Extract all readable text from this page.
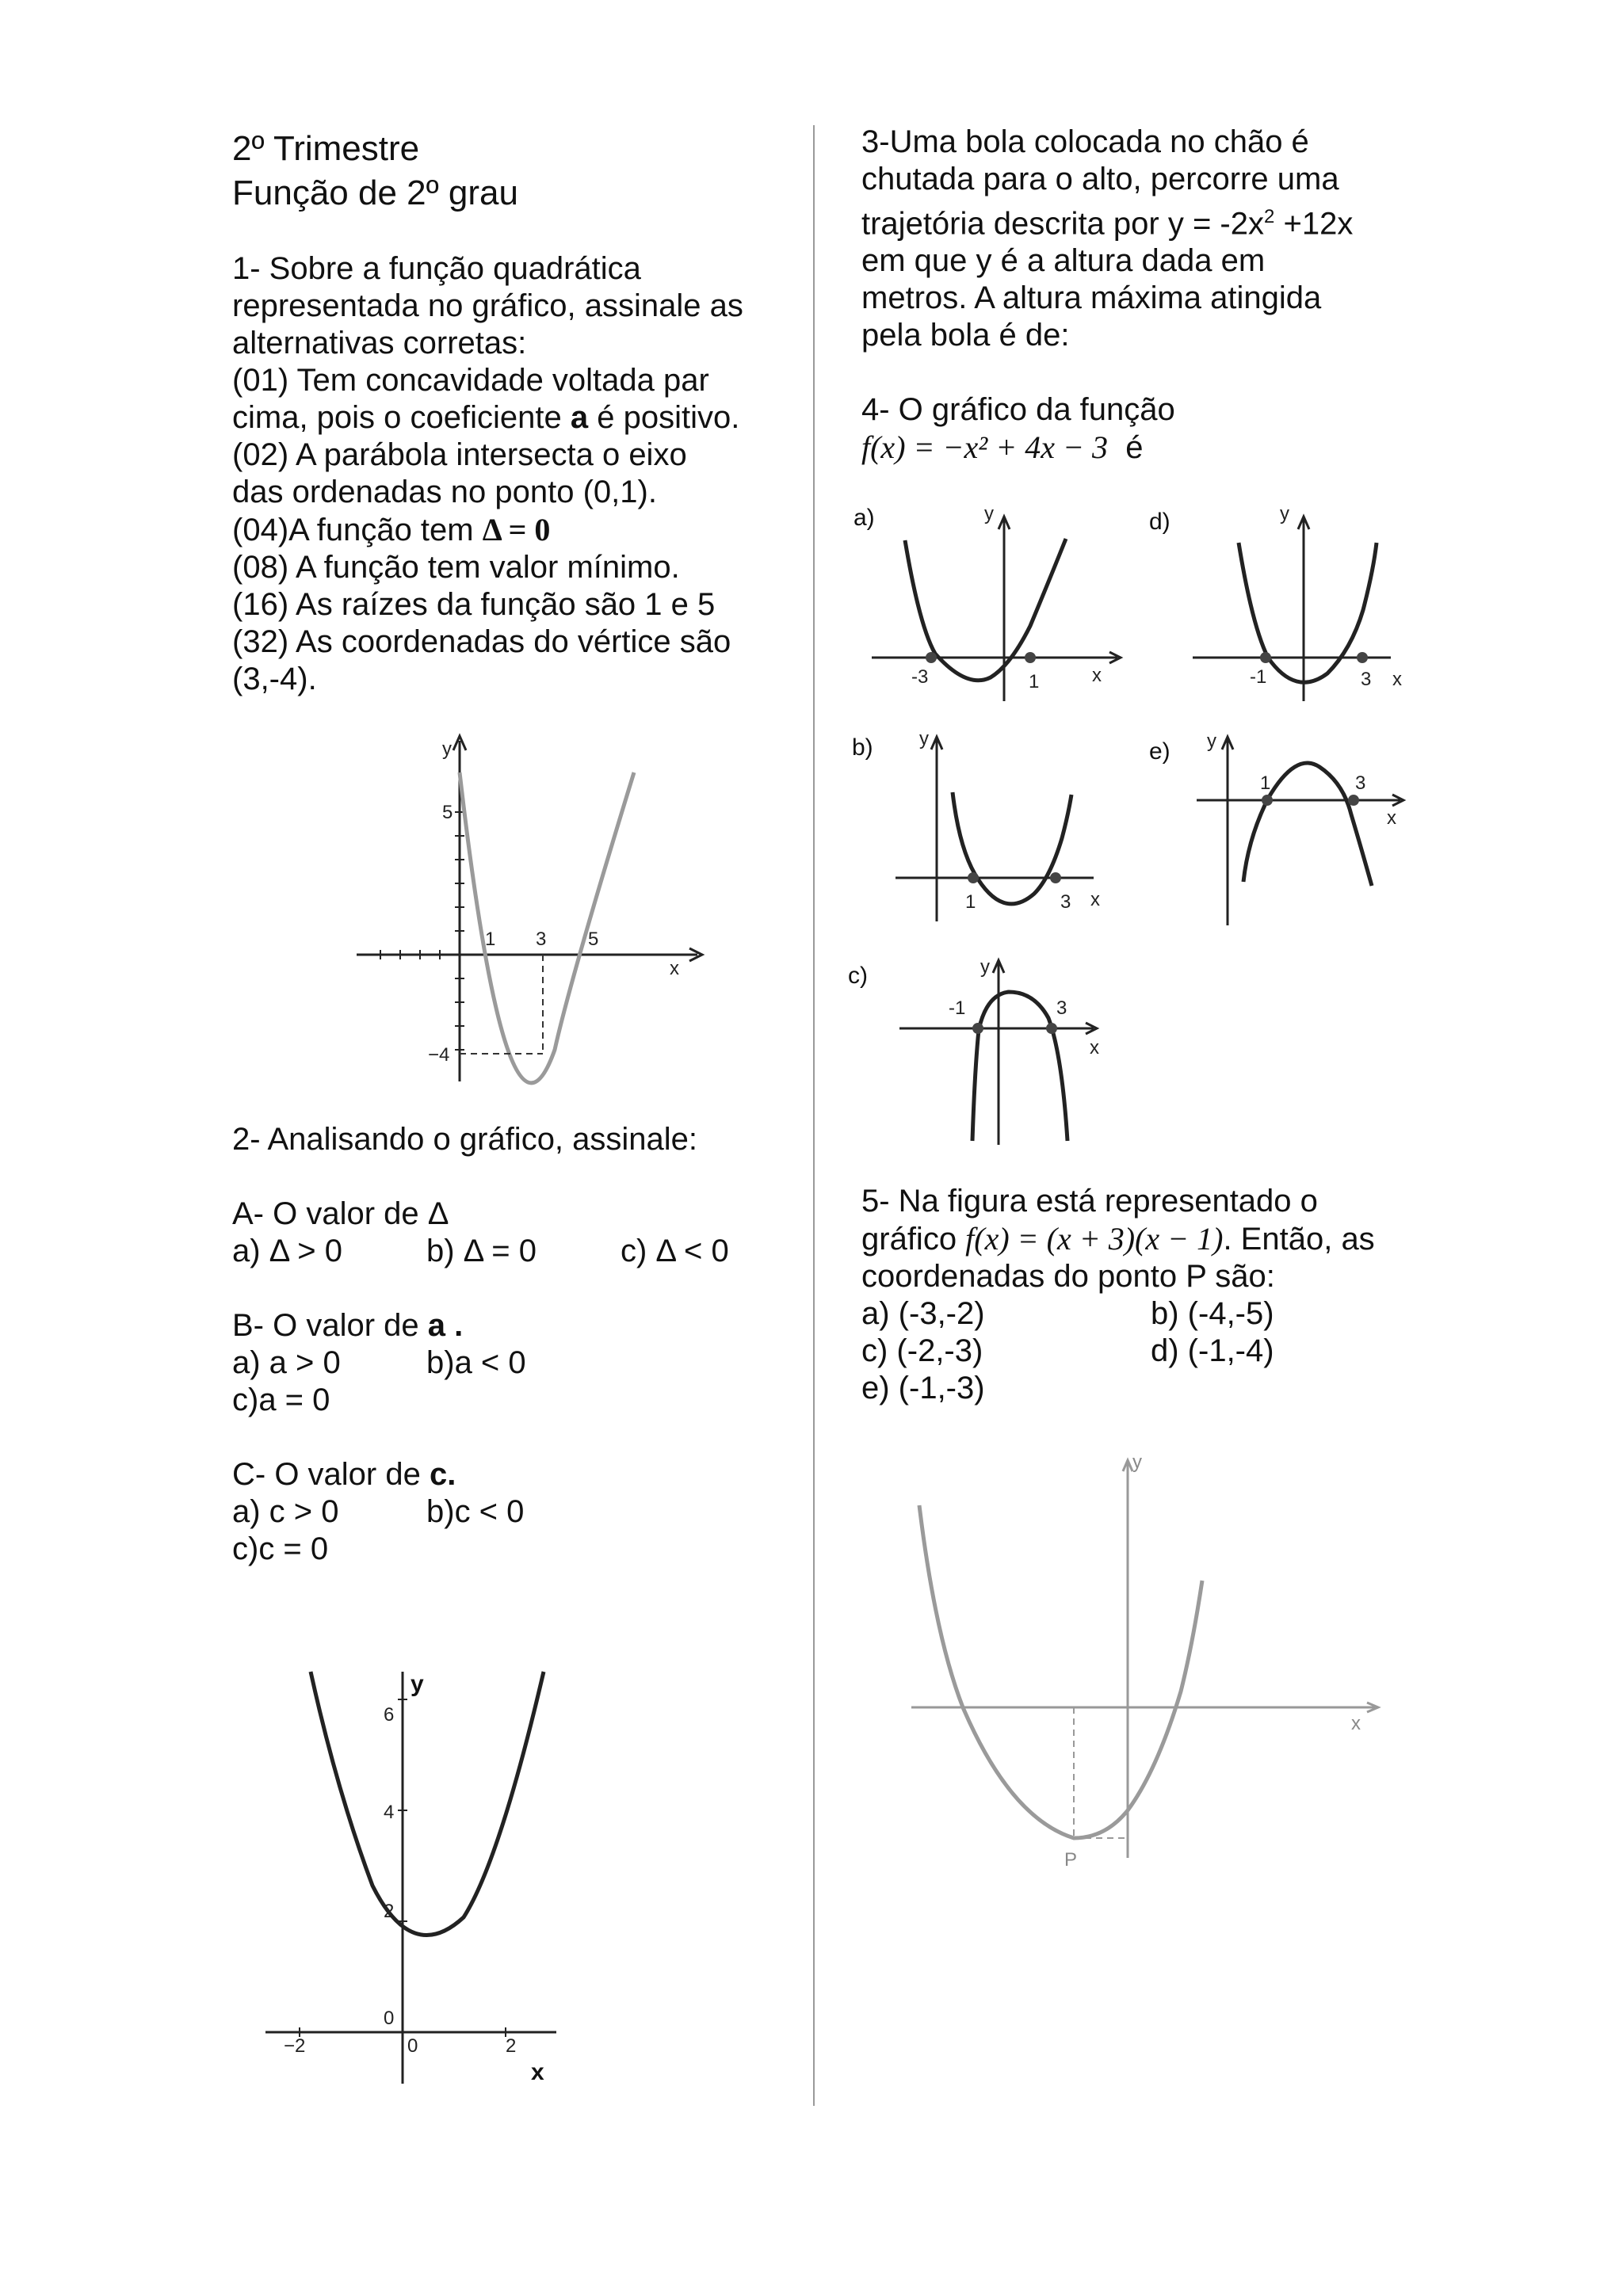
2º Trimestre

Função de 2º grau

1- Sobre a função quadrática

representada no gráfico, assinale as

alternativas corretas:

(01) Tem concavidade voltada par

cima, pois o coeficiente a é positivo.

(02) A parábola intersecta o eixo

das ordenadas no ponto (0,1).

(04)A função tem Δ = 0

(08) A função tem valor mínimo.

(16) As raízes da função são 1 e 5

(32) As coordenadas do vértice são

(3,-4).

y
x
5
−4
1 3 5

2- Analisando o gráfico, assinale:

A- O valor de Δ

a) Δ > 0	b) Δ = 0	c) Δ < 0

B- O valor de a .

a) a > 0	b)a < 0

c)a = 0

C- O valor de c.

a) c > 0	b)c < 0

c)c = 0

y
x
6
4
2
0
−2	0	2

3-Uma bola colocada no chão é

chutada para o alto, percorre uma

trajetória descrita por $y = -2x^2 +12x$

em que y é a altura dada em

metros. A altura máxima atingida

pela bola é de:

4- O gráfico da função

f(x) = −x² + 4x − 3 é

a)	y
x
-3	1
d)	y
x
-1	3
b) y
x
1	3
e) y
x
1	3
c)	y
x
-1	3

5- Na figura está representado o

gráfico f(x) = (x + 3)(x − 1). Então, as

coordenadas do ponto P são:

a) (-3,-2)	b) (-4,-5)

c) (-2,-3)	d) (-1,-4)

e) (-1,-3)

y
x
P
